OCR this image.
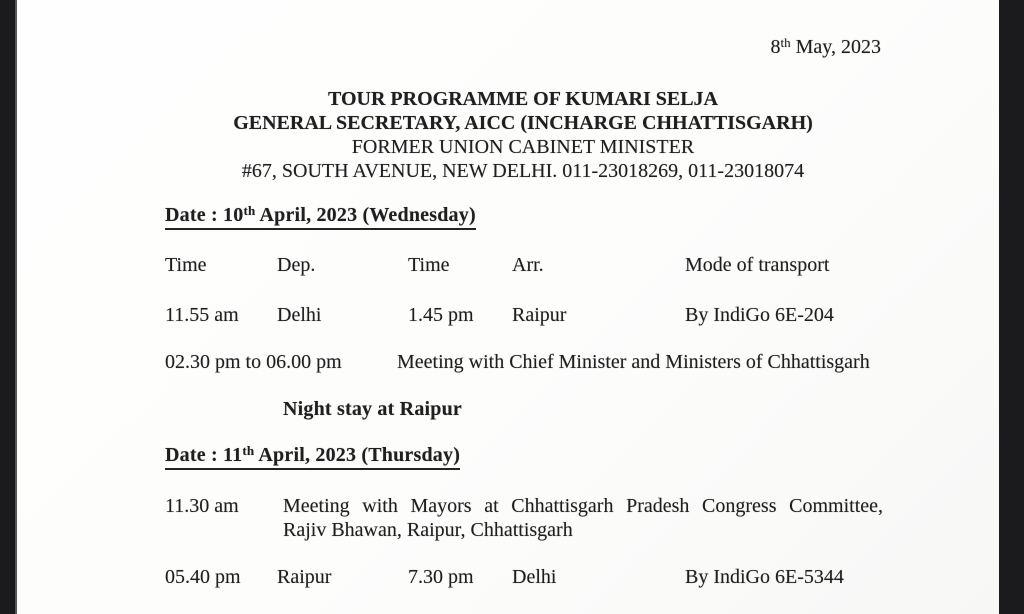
8th May, 2023
TOUR PROGRAMME OF KUMARI SELJA
GENERAL SECRETARY, AICC (INCHARGE CHHATTISGARH)
FORMER UNION CABINET MINISTER
#67, SOUTH AVENUE, NEW DELHI. 011-23018269, 011-23018074
Date : 10th April, 2023 (Wednesday)
Time	Dep.	Time	Arr.	Mode of transport
11.55 am	Delhi	1.45 pm	Raipur	By IndiGo 6E-204
02.30 pm to 06.00 pm	Meeting with Chief Minister and Ministers of Chhattisgarh
Night stay at Raipur
Date : 11th April, 2023 (Thursday)
11.30 am	Meeting with Mayors at Chhattisgarh Pradesh Congress Committee,
Rajiv Bhawan, Raipur, Chhattisgarh
05.40 pm	Raipur	7.30 pm	Delhi	By IndiGo 6E-5344
